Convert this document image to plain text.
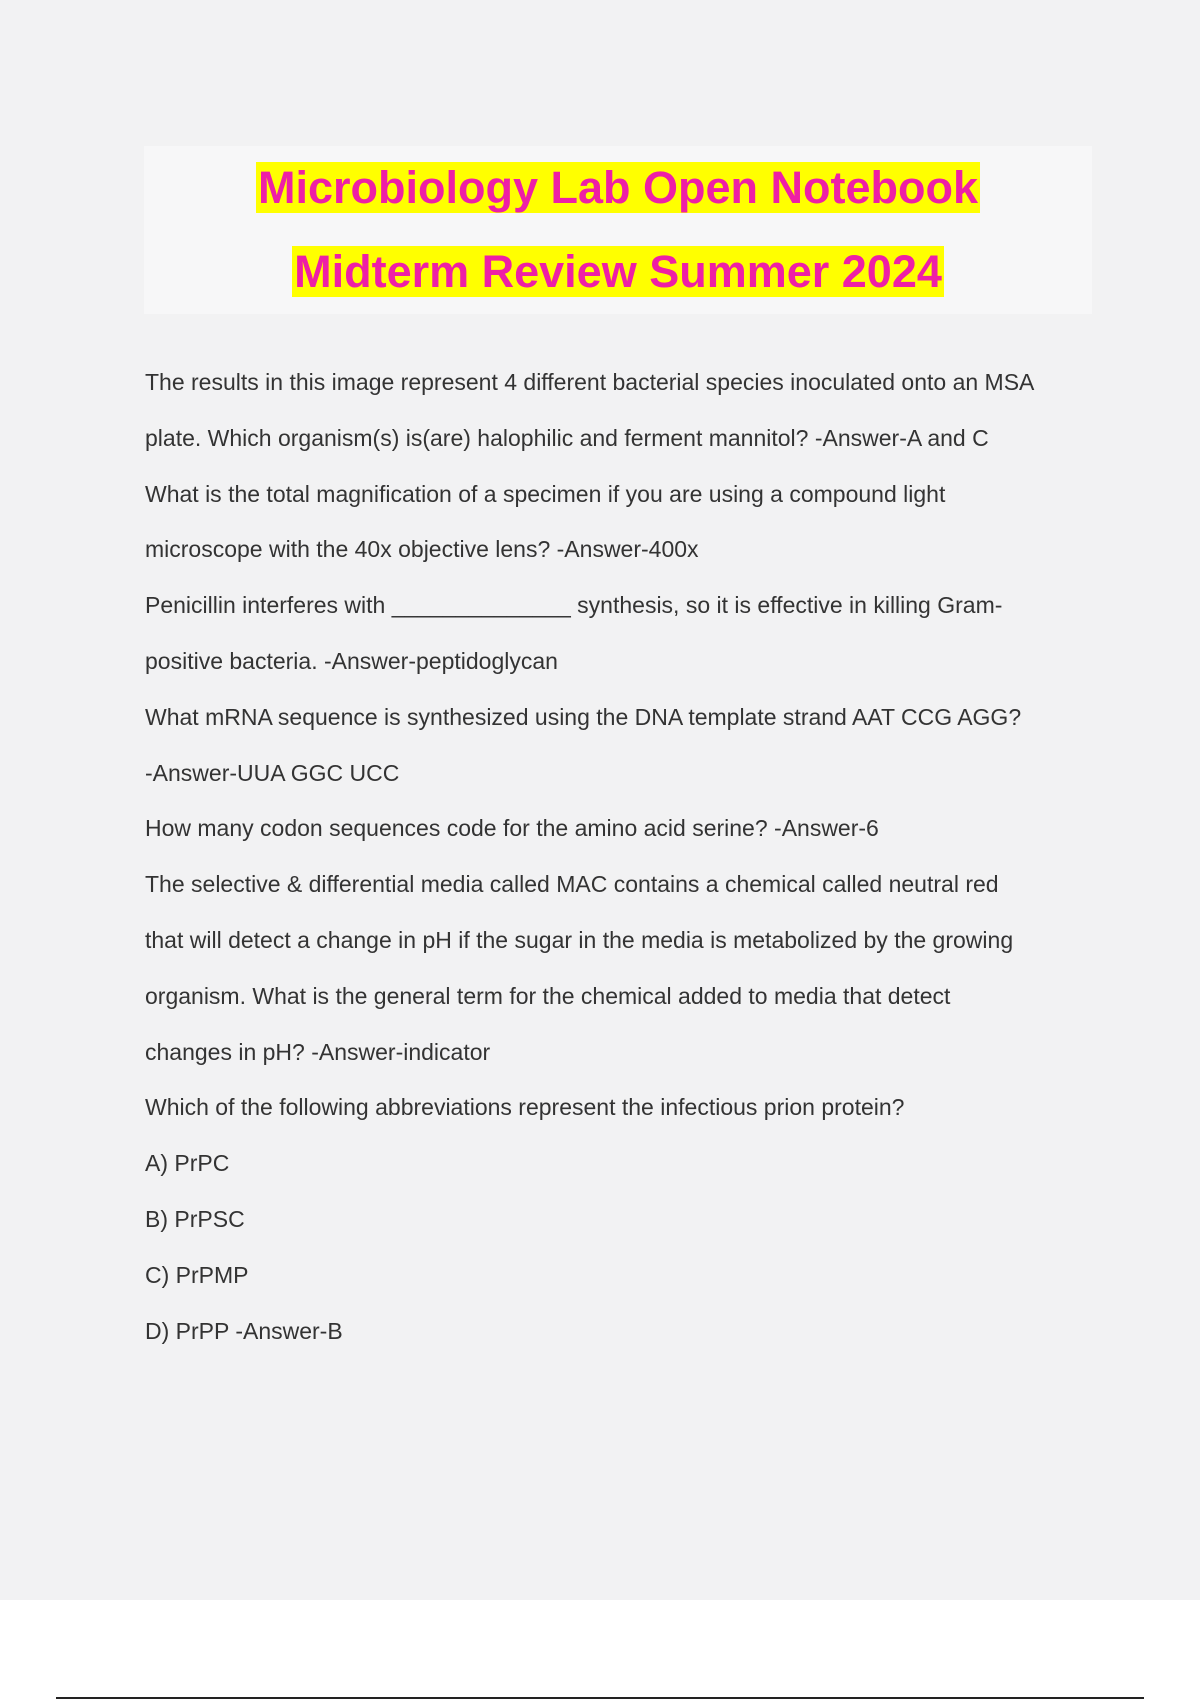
Microbiology Lab Open Notebook
Midterm Review Summer 2024
The results in this image represent 4 different bacterial species inoculated onto an MSA
plate. Which organism(s) is(are) halophilic and ferment mannitol? -Answer-A and C
What is the total magnification of a specimen if you are using a compound light
microscope with the 40x objective lens? -Answer-400x
Penicillin interferes with ______________ synthesis, so it is effective in killing Gram-
positive bacteria. -Answer-peptidoglycan
What mRNA sequence is synthesized using the DNA template strand AAT CCG AGG?
-Answer-UUA GGC UCC
How many codon sequences code for the amino acid serine? -Answer-6
The selective & differential media called MAC contains a chemical called neutral red
that will detect a change in pH if the sugar in the media is metabolized by the growing
organism. What is the general term for the chemical added to media that detect
changes in pH? -Answer-indicator
Which of the following abbreviations represent the infectious prion protein?
A) PrPC
B) PrPSC
C) PrPMP
D) PrPP -Answer-B
